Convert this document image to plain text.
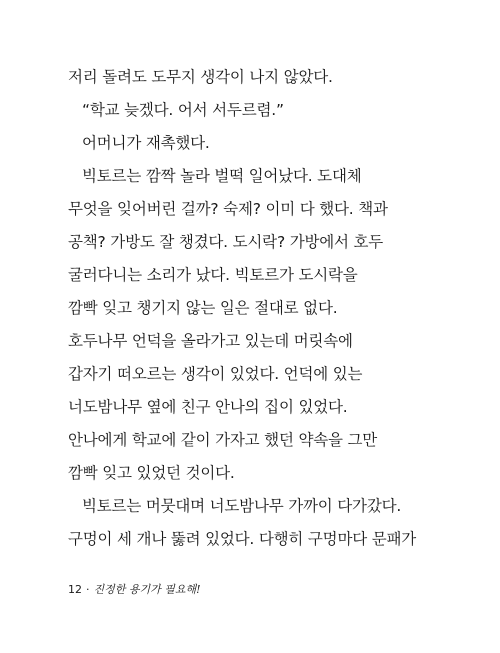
저리 돌려도 도무지 생각이 나지 않았다.

“학교 늦겠다. 어서 서두르렴.”

어머니가 재촉했다.

빅토르는 깜짝 놀라 벌떡 일어났다. 도대체

무엇을 잊어버린 걸까? 숙제? 이미 다 했다. 책과

공책? 가방도 잘 챙겼다. 도시락? 가방에서 호두

굴러다니는 소리가 났다. 빅토르가 도시락을

깜빡 잊고 챙기지 않는 일은 절대로 없다.

호두나무 언덕을 올라가고 있는데 머릿속에

갑자기 떠오르는 생각이 있었다. 언덕에 있는

너도밤나무 옆에 친구 안나의 집이 있었다.

안나에게 학교에 같이 가자고 했던 약속을 그만

깜빡 잊고 있었던 것이다.

빅토르는 머뭇대며 너도밤나무 가까이 다가갔다.

구멍이 세 개나 뚫려 있었다. 다행히 구멍마다 문패가

12 · 진정한 용기가 필요해!
